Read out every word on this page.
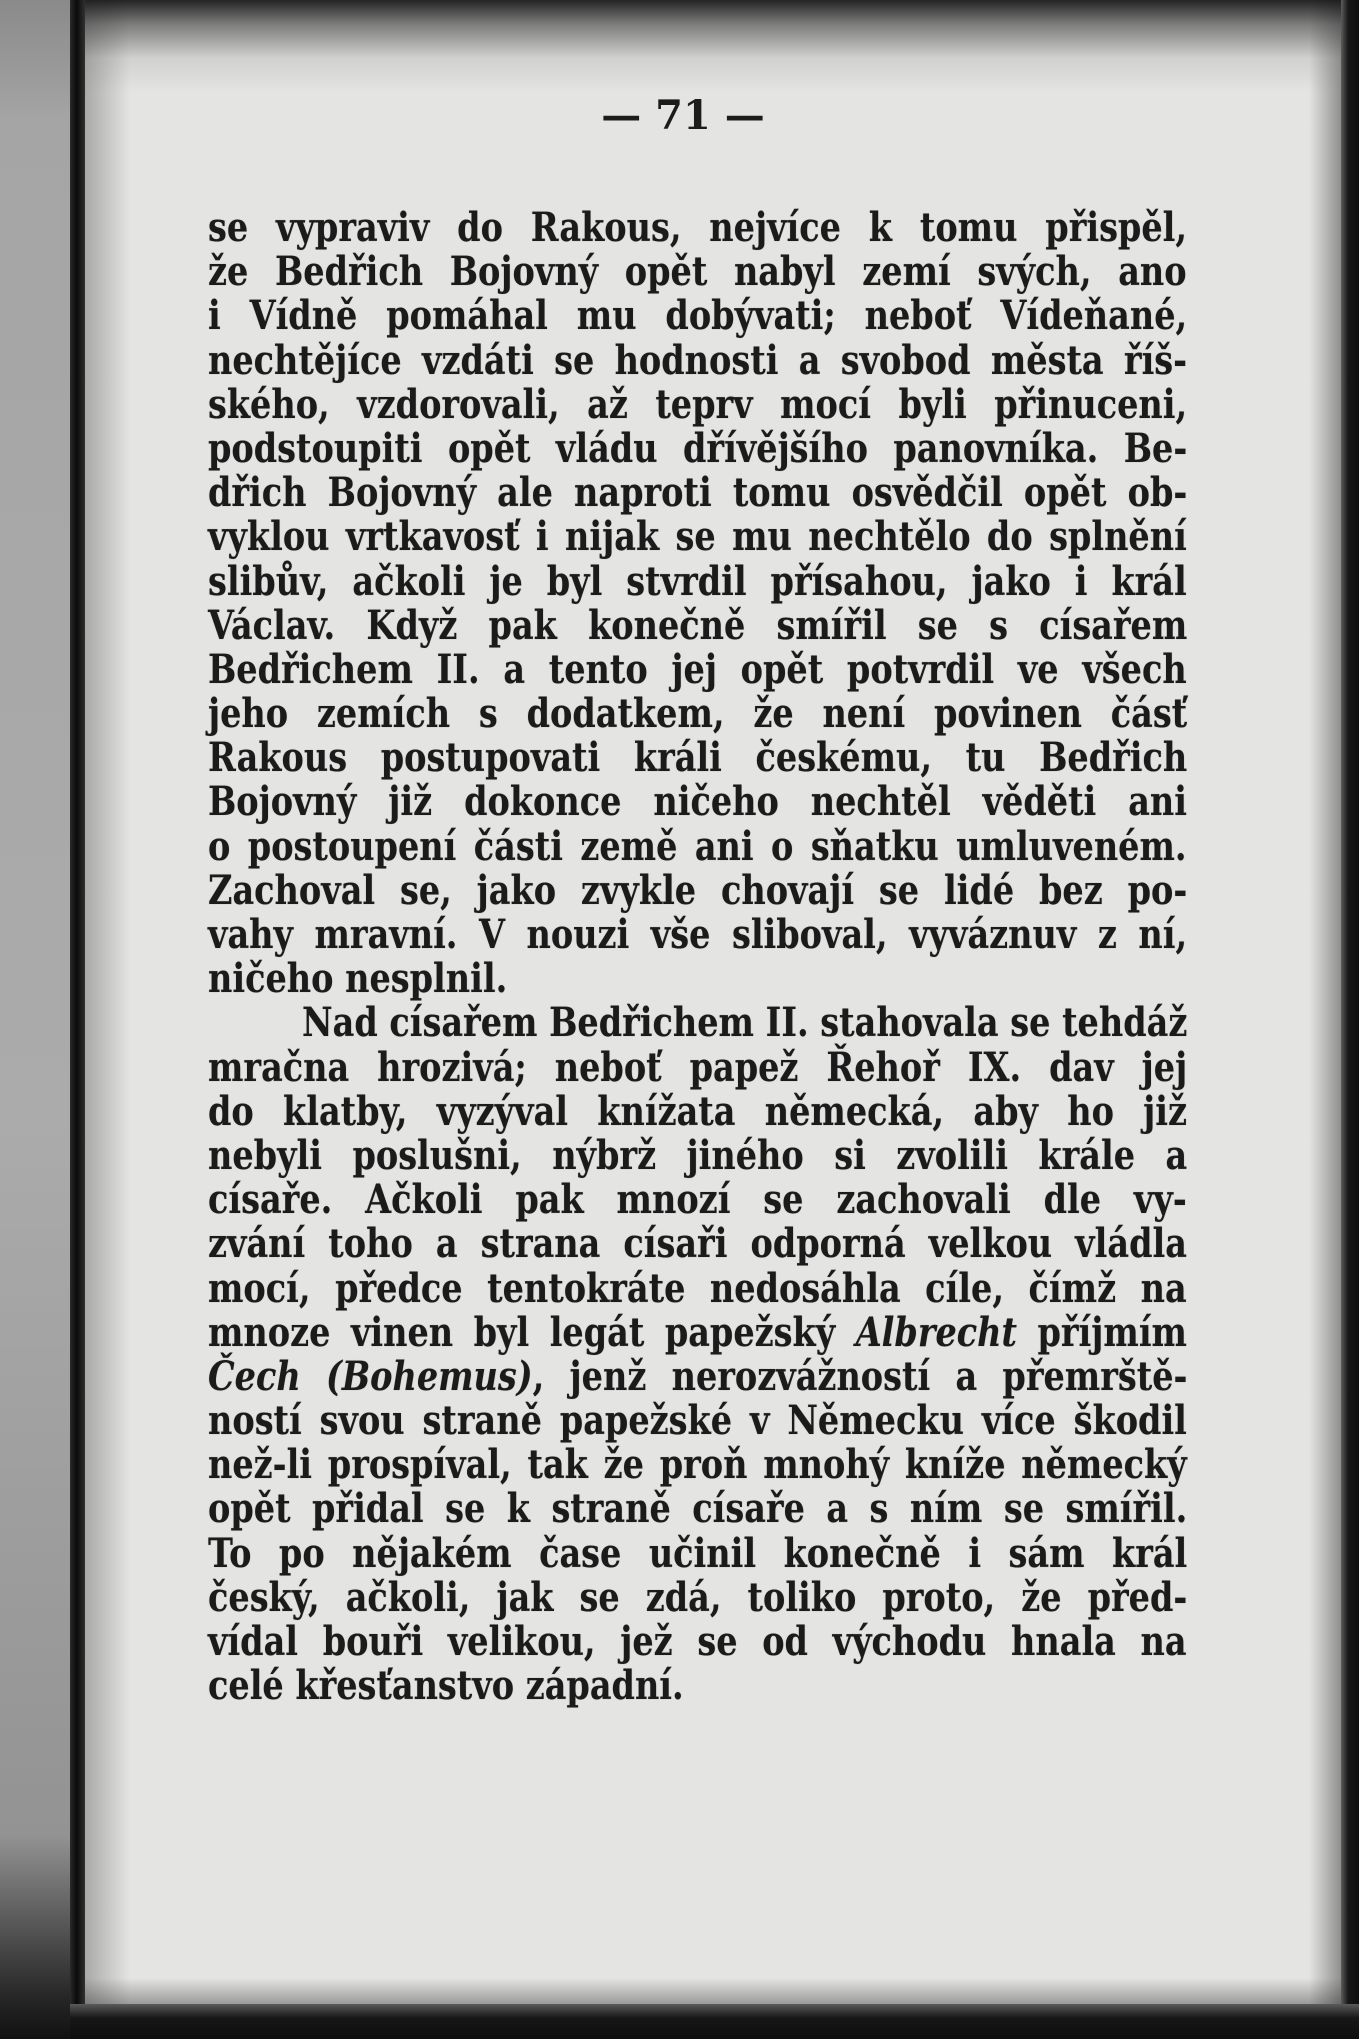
— 71 —
se vypraviv do Rakous, nejvíce k tomu přispěl,
že Bedřich Bojovný opět nabyl zemí svých, ano
i Vídně pomáhal mu dobývati; neboť Vídeňané,
nechtějíce vzdáti se hodnosti a svobod města říš-
ského, vzdorovali, až teprv mocí byli přinuceni,
podstoupiti opět vládu dřívějšího panovníka. Be-
dřich Bojovný ale naproti tomu osvědčil opět ob-
vyklou vrtkavosť i nijak se mu nechtělo do splnění
slibův, ačkoli je byl stvrdil přísahou, jako i král
Václav. Když pak konečně smířil se s císařem
Bedřichem II. a tento jej opět potvrdil ve všech
jeho zemích s dodatkem, že není povinen čásť
Rakous postupovati králi českému, tu Bedřich
Bojovný již dokonce ničeho nechtěl věděti ani
o postoupení části země ani o sňatku umluveném.
Zachoval se, jako zvykle chovají se lidé bez po-
vahy mravní. V nouzi vše sliboval, vyváznuv z ní,
ničeho nesplnil.
Nad císařem Bedřichem II. stahovala se tehdáž
mračna hrozivá; neboť papež Řehoř IX. dav jej
do klatby, vyzýval knížata německá, aby ho již
nebyli poslušni, nýbrž jiného si zvolili krále a
císaře. Ačkoli pak mnozí se zachovali dle vy-
zvání toho a strana císaři odporná velkou vládla
mocí, předce tentokráte nedosáhla cíle, čímž na
mnoze vinen byl legát papežský Albrecht příjmím
Čech (Bohemus), jenž nerozvážností a přemrště-
ností svou straně papežské v Německu více škodil
než-li prospíval, tak že proň mnohý kníže německý
opět přidal se k straně císaře a s ním se smířil.
To po nějakém čase učinil konečně i sám král
český, ačkoli, jak se zdá, toliko proto, že před-
vídal bouři velikou, jež se od východu hnala na
celé křesťanstvo západní.
